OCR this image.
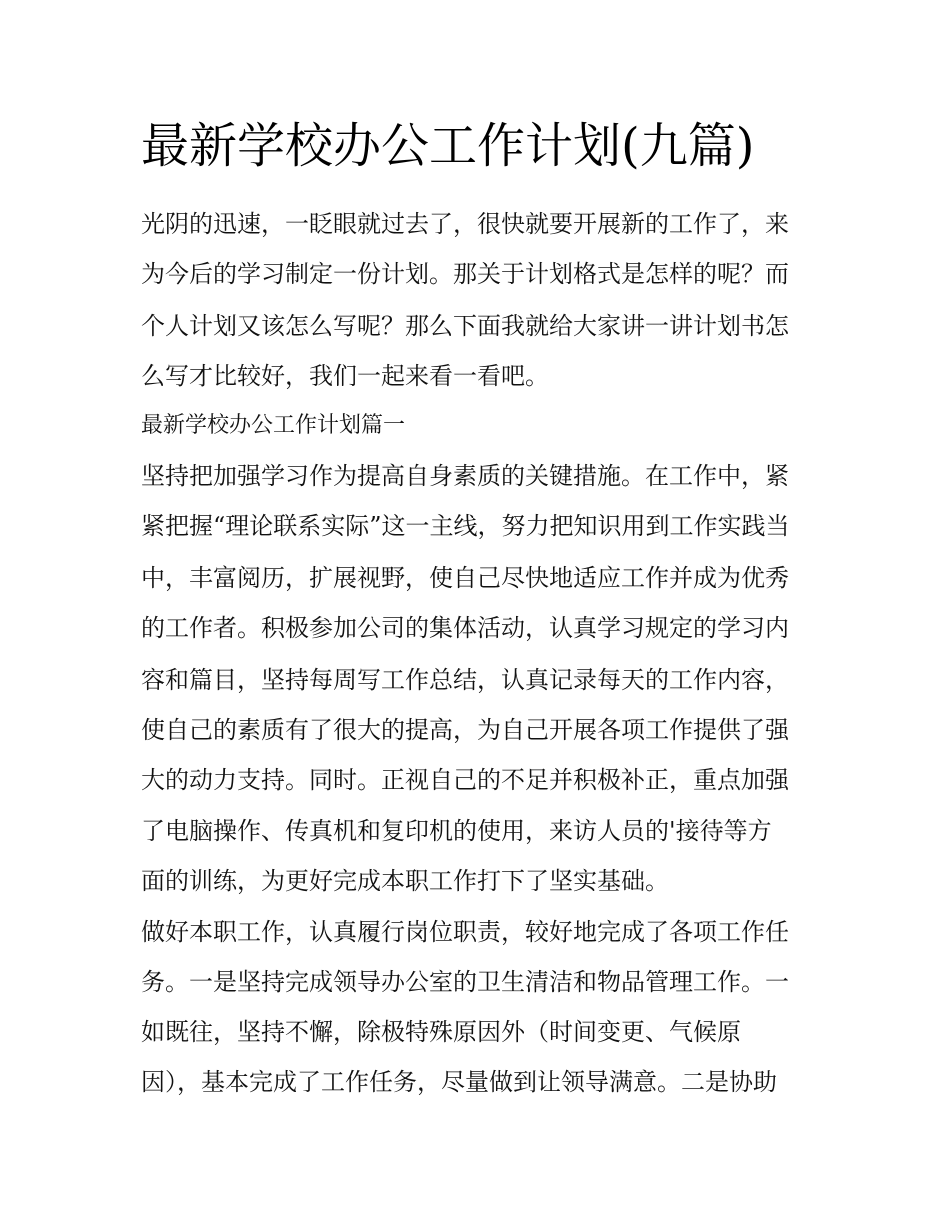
最新学校办公工作计划(九篇)
光阴的迅速，一眨眼就过去了，很快就要开展新的工作了，来
为今后的学习制定一份计划。那关于计划格式是怎样的呢？而
个人计划又该怎么写呢？那么下面我就给大家讲一讲计划书怎
么写才比较好，我们一起来看一看吧。
最新学校办公工作计划篇一
坚持把加强学习作为提高自身素质的关键措施。在工作中，紧
紧把握“理论联系实际”这一主线，努力把知识用到工作实践当
中，丰富阅历，扩展视野，使自己尽快地适应工作并成为优秀
的工作者。积极参加公司的集体活动，认真学习规定的学习内
容和篇目，坚持每周写工作总结，认真记录每天的工作内容，
使自己的素质有了很大的提高，为自己开展各项工作提供了强
大的动力支持。同时。正视自己的不足并积极补正，重点加强
了电脑操作、传真机和复印机的使用，来访人员的'接待等方
面的训练，为更好完成本职工作打下了坚实基础。
做好本职工作，认真履行岗位职责，较好地完成了各项工作任
务。一是坚持完成领导办公室的卫生清洁和物品管理工作。一
如既往，坚持不懈，除极特殊原因外（时间变更、气候原
因），基本完成了工作任务，尽量做到让领导满意。二是协助
